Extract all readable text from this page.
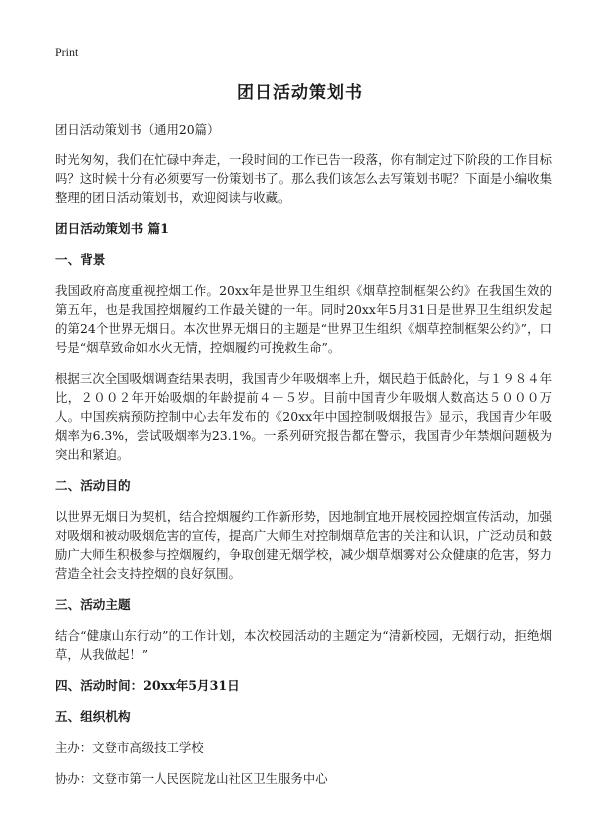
Print
团日活动策划书

团日活动策划书（通用20篇）

时光匆匆，我们在忙碌中奔走，一段时间的工作已告一段落，你有制定过下阶段的工作目标吗？这时候十分有必须要写一份策划书了。那么我们该怎么去写策划书呢？下面是小编收集整理的团日活动策划书，欢迎阅读与收藏。

团日活动策划书 篇1

一、背景

我国政府高度重视控烟工作。20xx年是世界卫生组织《烟草控制框架公约》在我国生效的第五年，也是我国控烟履约工作最关键的一年。同时20xx年5月31日是世界卫生组织发起的第24个世界无烟日。本次世界无烟日的主题是“世界卫生组织《烟草控制框架公约》”，口号是“烟草致命如水火无情，控烟履约可挽救生命”。

根据三次全国吸烟调查结果表明，我国青少年吸烟率上升，烟民趋于低龄化，与１９８４年比，２００２年开始吸烟的年龄提前４－５岁。目前中国青少年吸烟人数高达５０００万人。中国疾病预防控制中心去年发布的《20xx年中国控制吸烟报告》显示，我国青少年吸烟率为6.3%，尝试吸烟率为23.1%。一系列研究报告都在警示，我国青少年禁烟问题极为突出和紧迫。

二、活动目的

以世界无烟日为契机，结合控烟履约工作新形势，因地制宜地开展校园控烟宣传活动，加强对吸烟和被动吸烟危害的宣传，提高广大师生对控制烟草危害的关注和认识，广泛动员和鼓励广大师生积极参与控烟履约，争取创建无烟学校，减少烟草烟雾对公众健康的危害，努力营造全社会支持控烟的良好氛围。

三、活动主题

结合“健康山东行动”的工作计划，本次校园活动的主题定为“清新校园，无烟行动，拒绝烟草，从我做起！”

四、活动时间：20xx年5月31日

五、组织机构

主办：文登市高级技工学校

协办：文登市第一人民医院龙山社区卫生服务中心
